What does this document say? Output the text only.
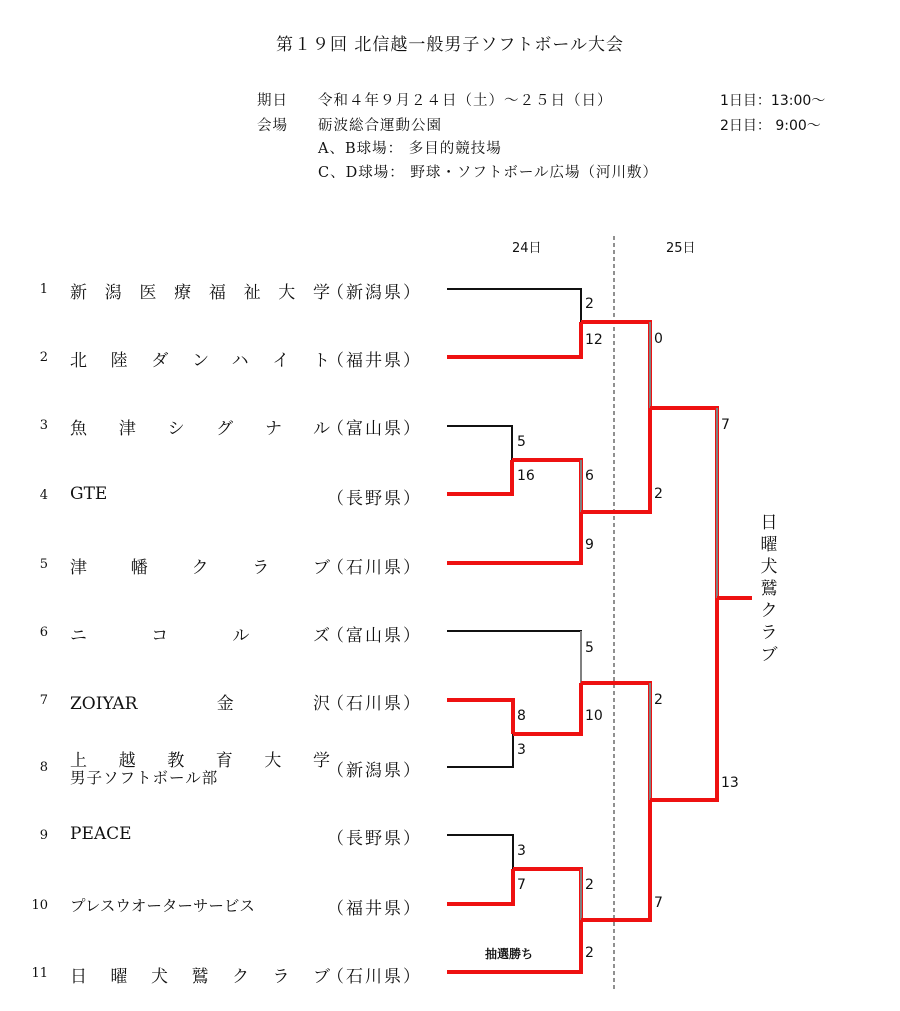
第１９回 北信越一般男子ソフトボール大会
期日 令和４年９月２４日（土）～２５日（日）
会場 砺波総合運動公園
A、B球場： 多目的競技場
C、D球場： 野球・ソフトボール広場（河川敷）
1日目：13:00～
2日目： 9:00～
24日	25日
1 新潟医療福祉大学
（新潟県）
2 北陸ダンハイト
（福井県）
3 魚津シグナル
（富山県）
4 GTE	（長野県）
5 津幡クラブ
（石川県）
6 ニコルズ
（富山県）
7 ZOIYAR金沢
（石川県）
8 上越教育大学
男子ソフトボール部	（新潟県）
9 PEACE	（長野県）
10 プレスウオーターサービス	（福井県）
11 日曜犬鷲クラブ
（石川県）
2
12
5
16	6
9
8
3
5
10
3
7	2
2
0
2
2
7
7
13
抽選勝ち
日曜犬鷲クラブ
